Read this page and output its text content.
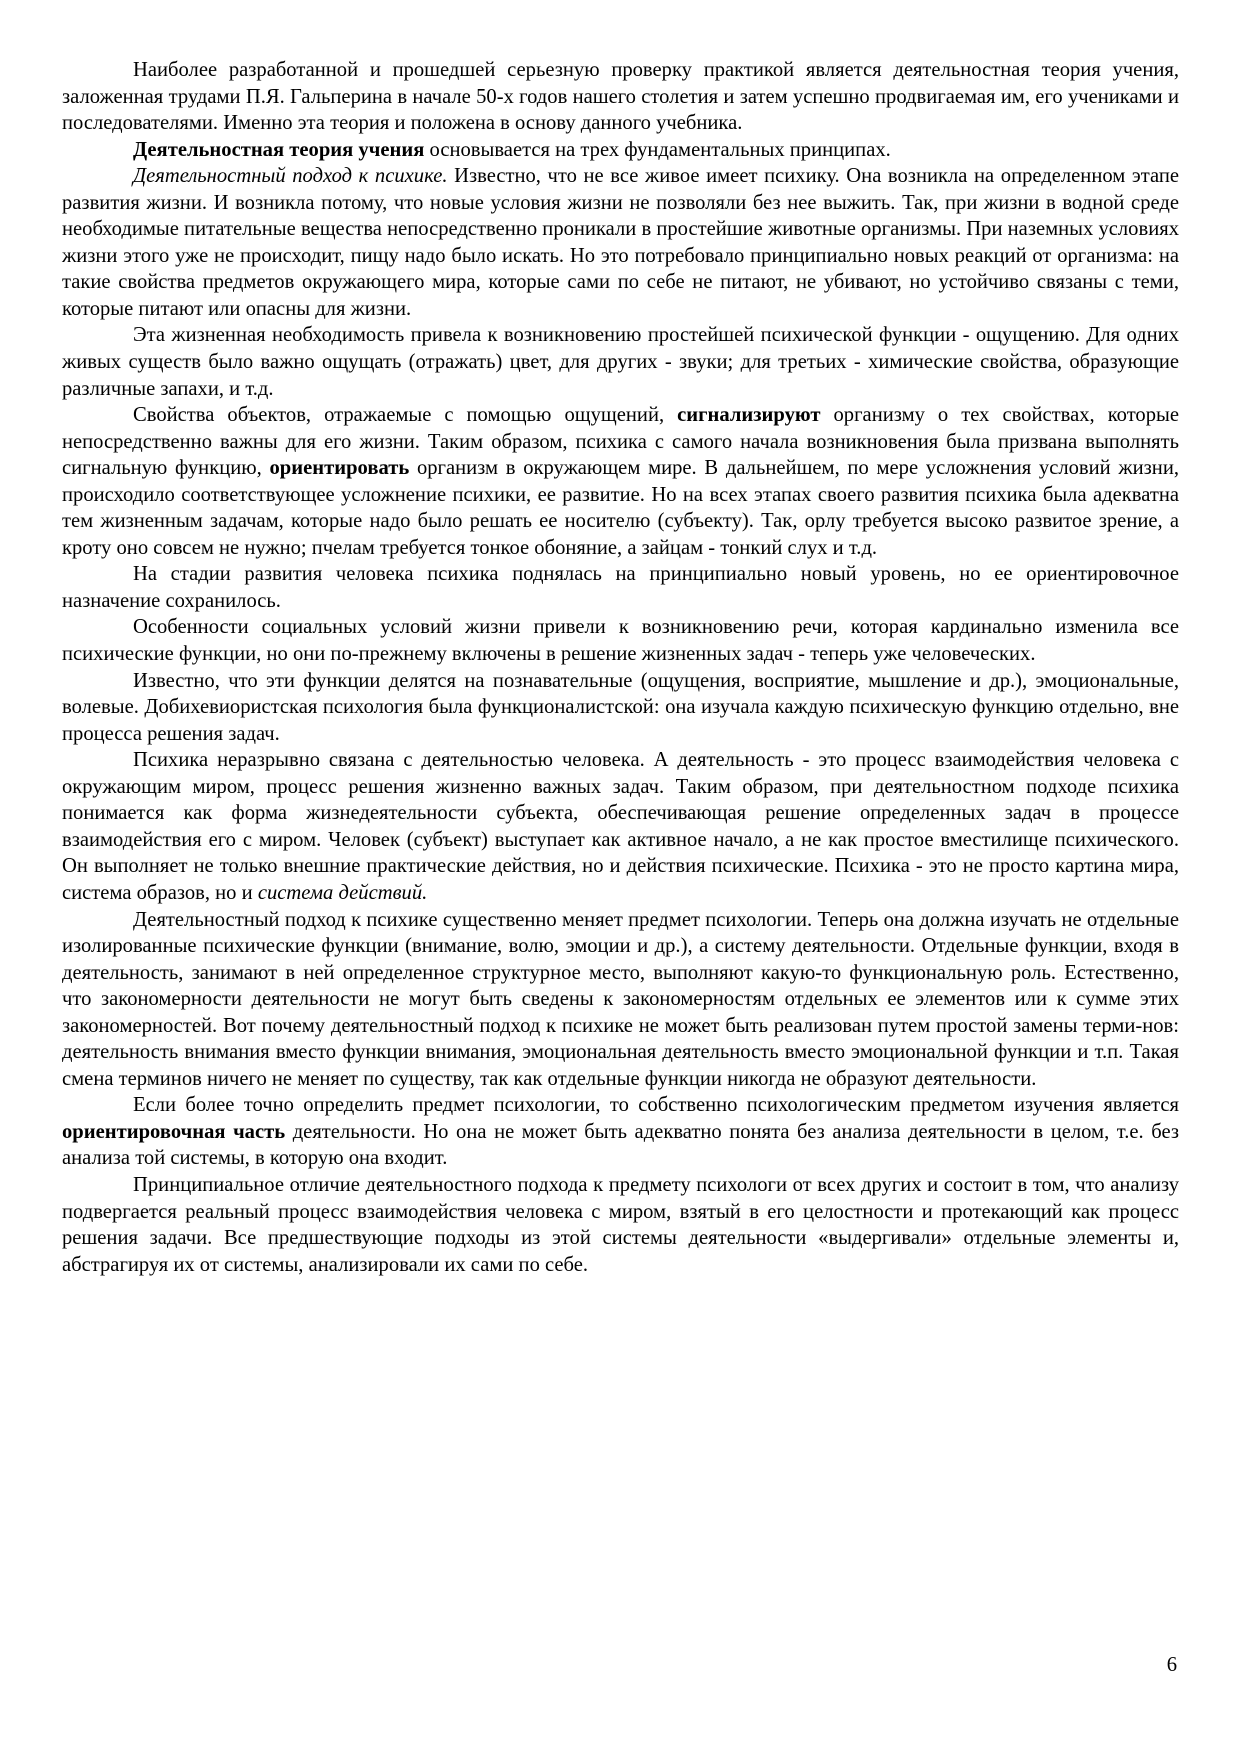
Наиболее разработанной и прошедшей серьезную проверку практикой является деятельностная теория учения, заложенная трудами П.Я. Гальперина в начале 50-х годов нашего столетия и затем успешно продвигаемая им, его учениками и последователями. Именно эта теория и положена в основу данного учебника.

Деятельностная теория учения основывается на трех фундаментальных принципах.

Деятельностный подход к психике. Известно, что не все живое имеет психику. Она возникла на определенном этапе развития жизни. И возникла потому, что новые условия жизни не позволяли без нее выжить. Так, при жизни в водной среде необходимые питательные вещества непосредственно проникали в простейшие животные организмы. При наземных условиях жизни этого уже не происходит, пищу надо было искать. Но это потребовало принципиально новых реакций от организма: на такие свойства предметов окружающего мира, которые сами по себе не питают, не убивают, но устойчиво связаны с теми, которые питают или опасны для жизни.

Эта жизненная необходимость привела к возникновению простейшей психической функции - ощущению. Для одних живых существ было важно ощущать (отражать) цвет, для других - звуки; для третьих - химические свойства, образующие различные запахи, и т.д.

Свойства объектов, отражаемые с помощью ощущений, сигнализируют организму о тех свойствах, которые непосредственно важны для его жизни. Таким образом, психика с самого начала возникновения была призвана выполнять сигнальную функцию, ориентировать организм в окружающем мире. В дальнейшем, по мере усложнения условий жизни, происходило соответствующее усложнение психики, ее развитие. Но на всех этапах своего развития психика была адекватна тем жизненным задачам, которые надо было решать ее носителю (субъекту). Так, орлу требуется высоко развитое зрение, а кроту оно совсем не нужно; пчелам требуется тонкое обоняние, а зайцам - тонкий слух и т.д.

На стадии развития человека психика поднялась на принципиально новый уровень, но ее ориентировочное назначение сохранилось.

Особенности социальных условий жизни привели к возникновению речи, которая кардинально изменила все психические функции, но они по-прежнему включены в решение жизненных задач - теперь уже человеческих.

Известно, что эти функции делятся на познавательные (ощущения, восприятие, мышление и др.), эмоциональные, волевые. Добихевиористская психология была функционалистской: она изучала каждую психическую функцию отдельно, вне процесса решения задач.

Психика неразрывно связана с деятельностью человека. А деятельность - это процесс взаимодействия человека с окружающим миром, процесс решения жизненно важных задач. Таким образом, при деятельностном подходе психика понимается как форма жизнедеятельности субъекта, обеспечивающая решение определенных задач в процессе взаимодействия его с миром. Человек (субъект) выступает как активное начало, а не как простое вместилище психического. Он выполняет не только внешние практические действия, но и действия психические. Психика - это не просто картина мира, система образов, но и система действий.

Деятельностный подход к психике существенно меняет предмет психологии. Теперь она должна изучать не отдельные изолированные психические функции (внимание, волю, эмоции и др.), а систему деятельности. Отдельные функции, входя в деятельность, занимают в ней определенное структурное место, выполняют какую-то функциональную роль. Естественно, что закономерности деятельности не могут быть сведены к закономерностям отдельных ее элементов или к сумме этих закономерностей. Вот почему деятельностный подход к психике не может быть реализован путем простой замены терми-нов: деятельность внимания вместо функции внимания, эмоциональная деятельность вместо эмоциональной функции и т.п. Такая смена терминов ничего не меняет по существу, так как отдельные функции никогда не образуют деятельности.

Если более точно определить предмет психологии, то собственно психологическим предметом изучения является ориентировочная часть деятельности. Но она не может быть адекватно понята без анализа деятельности в целом, т.е. без анализа той системы, в которую она входит.

Принципиальное отличие деятельностного подхода к предмету психологи от всех других и состоит в том, что анализу подвергается реальный процесс взаимодействия человека с миром, взятый в его целостности и протекающий как процесс решения задачи. Все предшествующие подходы из этой системы деятельности «выдергивали» отдельные элементы и, абстрагируя их от системы, анализировали их сами по себе.

6
